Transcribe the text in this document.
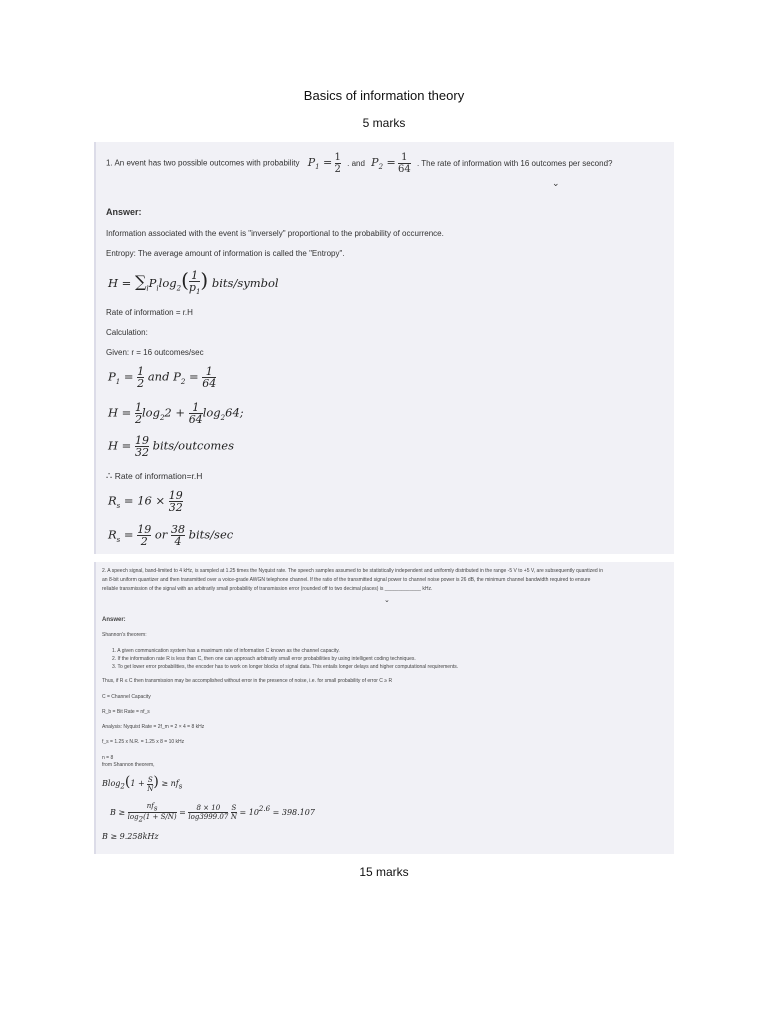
Basics of information theory
5 marks
1. An event has two possible outcomes with probability $P_1 = \frac{1}{2}$ . and $P_2 = \frac{1}{64}$ . The rate of information with 16 outcomes per second?
⌄
Answer:
Information associated with the event is "inversely" proportional to the probability of occurrence.
Entropy: The average amount of information is called the "Entropy".
$H = \sum_iP_i\log_2( \frac{1}{p_1}$ ) bits/symbol
Rate of information = r.H
Calculation:
Given: r = 16 outcomes/sec
$P_1 = \frac{1}{2}$ and $P_2 = \frac{1}{64}$
$H = \frac{1}{2} \log_22 + \frac{1}{64} \log_264$;
$H = \frac{19}{32}$ bits/outcomes
∴ Rate of information=r.H
$R_s = 16 \times \frac{19}{32}$
$R_s = \frac{19}{2}$ or $\frac{38}{4}$ bits/sec
2. A speech signal, band-limited to 4 kHz, is sampled at 1.25 times the Nyquist rate. The speech samples assumed to be statistically independent and uniformly distributed in the range -5 V to +5 V, are subsequently quantized in
an 8-bit uniform quantizer and then transmitted over a voice-grade AWGN telephone channel. If the ratio of the transmitted signal power to channel noise power is 26 dB, the minimum channel bandwidth required to ensure
reliable transmission of the signal with an arbitrarily small probability of transmission error (rounded off to two decimal places) is _____________ kHz.
⌄
Answer:
Shannon's theorem:
1. A given communication system has a maximum rate of information C known as the channel capacity.
2. If the information rate R is less than C, then one can approach arbitrarily small error probabilities by using intelligent coding techniques.
3. To get lower error probabilities, the encoder has to work on longer blocks of signal data. This entails longer delays and higher computational requirements.
Thus, if R ≤ C then transmission may be accomplished without error in the presence of noise, i.e. for small probability of error C ≥ R
C = Channel Capacity
R_b = Bit Rate = nf_s
Analysis: Nyquist Rate = 2f_m = 2 × 4 = 8 kHz
f_s = 1.25 x N.R. = 1.25 x 8 = 10 kHz
n = 8
from Shannon theorem,
$Blog_2(1 + \frac{S}{N}$ ) ≥ $nf_s$
$B \ge \frac{nf_s}{\log_2(1 + S/N)} = \frac{8 \times 10}{\log 3999.07}$
$\frac{S}{N} = 10^{2.6} = 398.107$
B ≥ 9.258kHz
15 marks
